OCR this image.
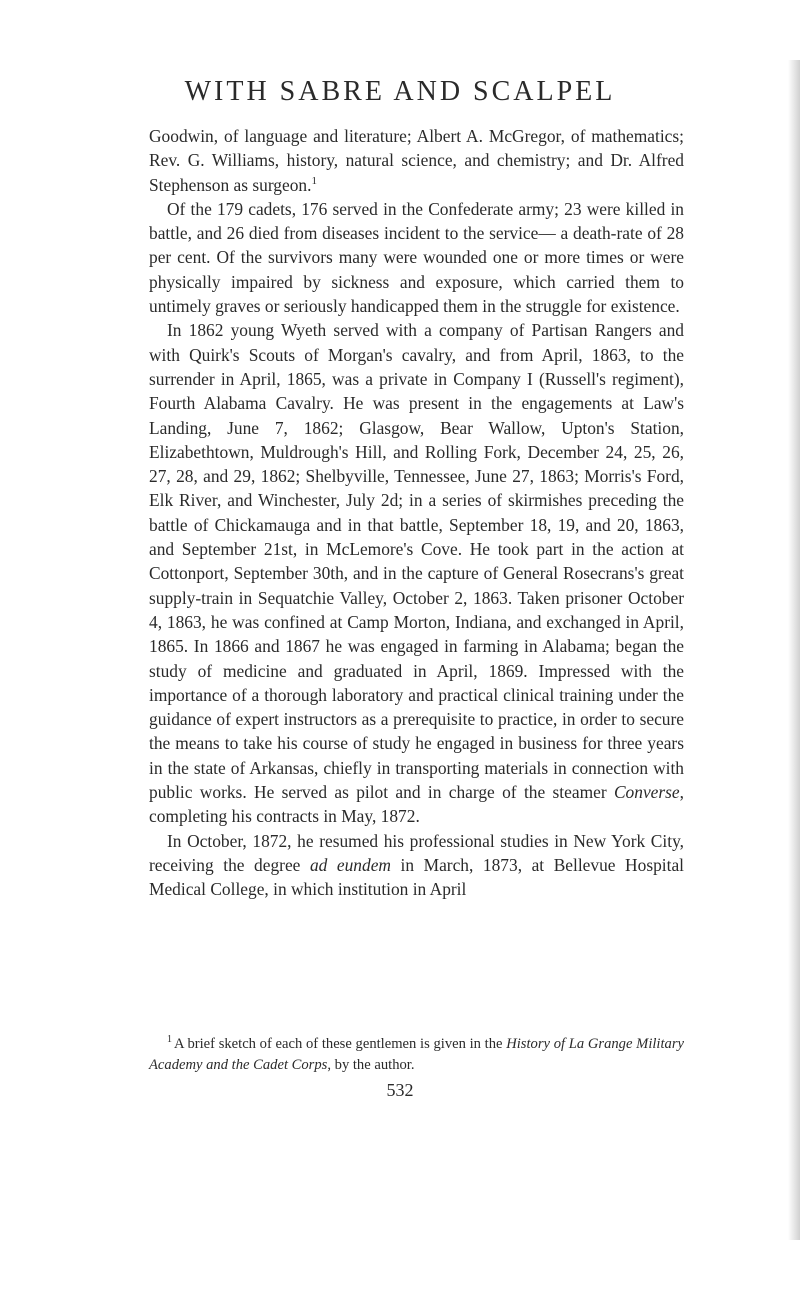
WITH SABRE AND SCALPEL

Goodwin, of language and literature; Albert A. McGregor, of mathematics; Rev. G. Williams, history, natural science, and chemistry; and Dr. Alfred Stephenson as surgeon.$^1$

Of the 179 cadets, 176 served in the Confederate army; 23 were killed in battle, and 26 died from diseases incident to the service— a death-rate of 28 per cent. Of the survivors many were wounded one or more times or were physically impaired by sickness and exposure, which carried them to untimely graves or seriously handicapped them in the struggle for existence.

In 1862 young Wyeth served with a company of Partisan Rangers and with Quirk's Scouts of Morgan's cavalry, and from April, 1863, to the surrender in April, 1865, was a private in Company I (Russell's regiment), Fourth Alabama Cavalry. He was present in the engagements at Law's Landing, June 7, 1862; Glasgow, Bear Wallow, Upton's Station, Elizabethtown, Muldrough's Hill, and Rolling Fork, December 24, 25, 26, 27, 28, and 29, 1862; Shelbyville, Tennessee, June 27, 1863; Morris's Ford, Elk River, and Winchester, July 2d; in a series of skirmishes preceding the battle of Chickamauga and in that battle, September 18, 19, and 20, 1863, and September 21st, in McLemore's Cove. He took part in the action at Cottonport, September 30th, and in the capture of General Rosecrans's great supply-train in Sequatchie Valley, October 2, 1863. Taken prisoner October 4, 1863, he was confined at Camp Morton, Indiana, and exchanged in April, 1865. In 1866 and 1867 he was engaged in farming in Alabama; began the study of medicine and graduated in April, 1869. Impressed with the importance of a thorough laboratory and practical clinical training under the guidance of expert instructors as a prerequisite to practice, in order to secure the means to take his course of study he engaged in business for three years in the state of Arkansas, chiefly in transporting materials in connection with public works. He served as pilot and in charge of the steamer Converse, completing his contracts in May, 1872.

In October, 1872, he resumed his professional studies in New York City, receiving the degree ad eundem in March, 1873, at Bellevue Hospital Medical College, in which institution in April

$^1$ A brief sketch of each of these gentlemen is given in the History of La Grange Military Academy and the Cadet Corps, by the author.

532
